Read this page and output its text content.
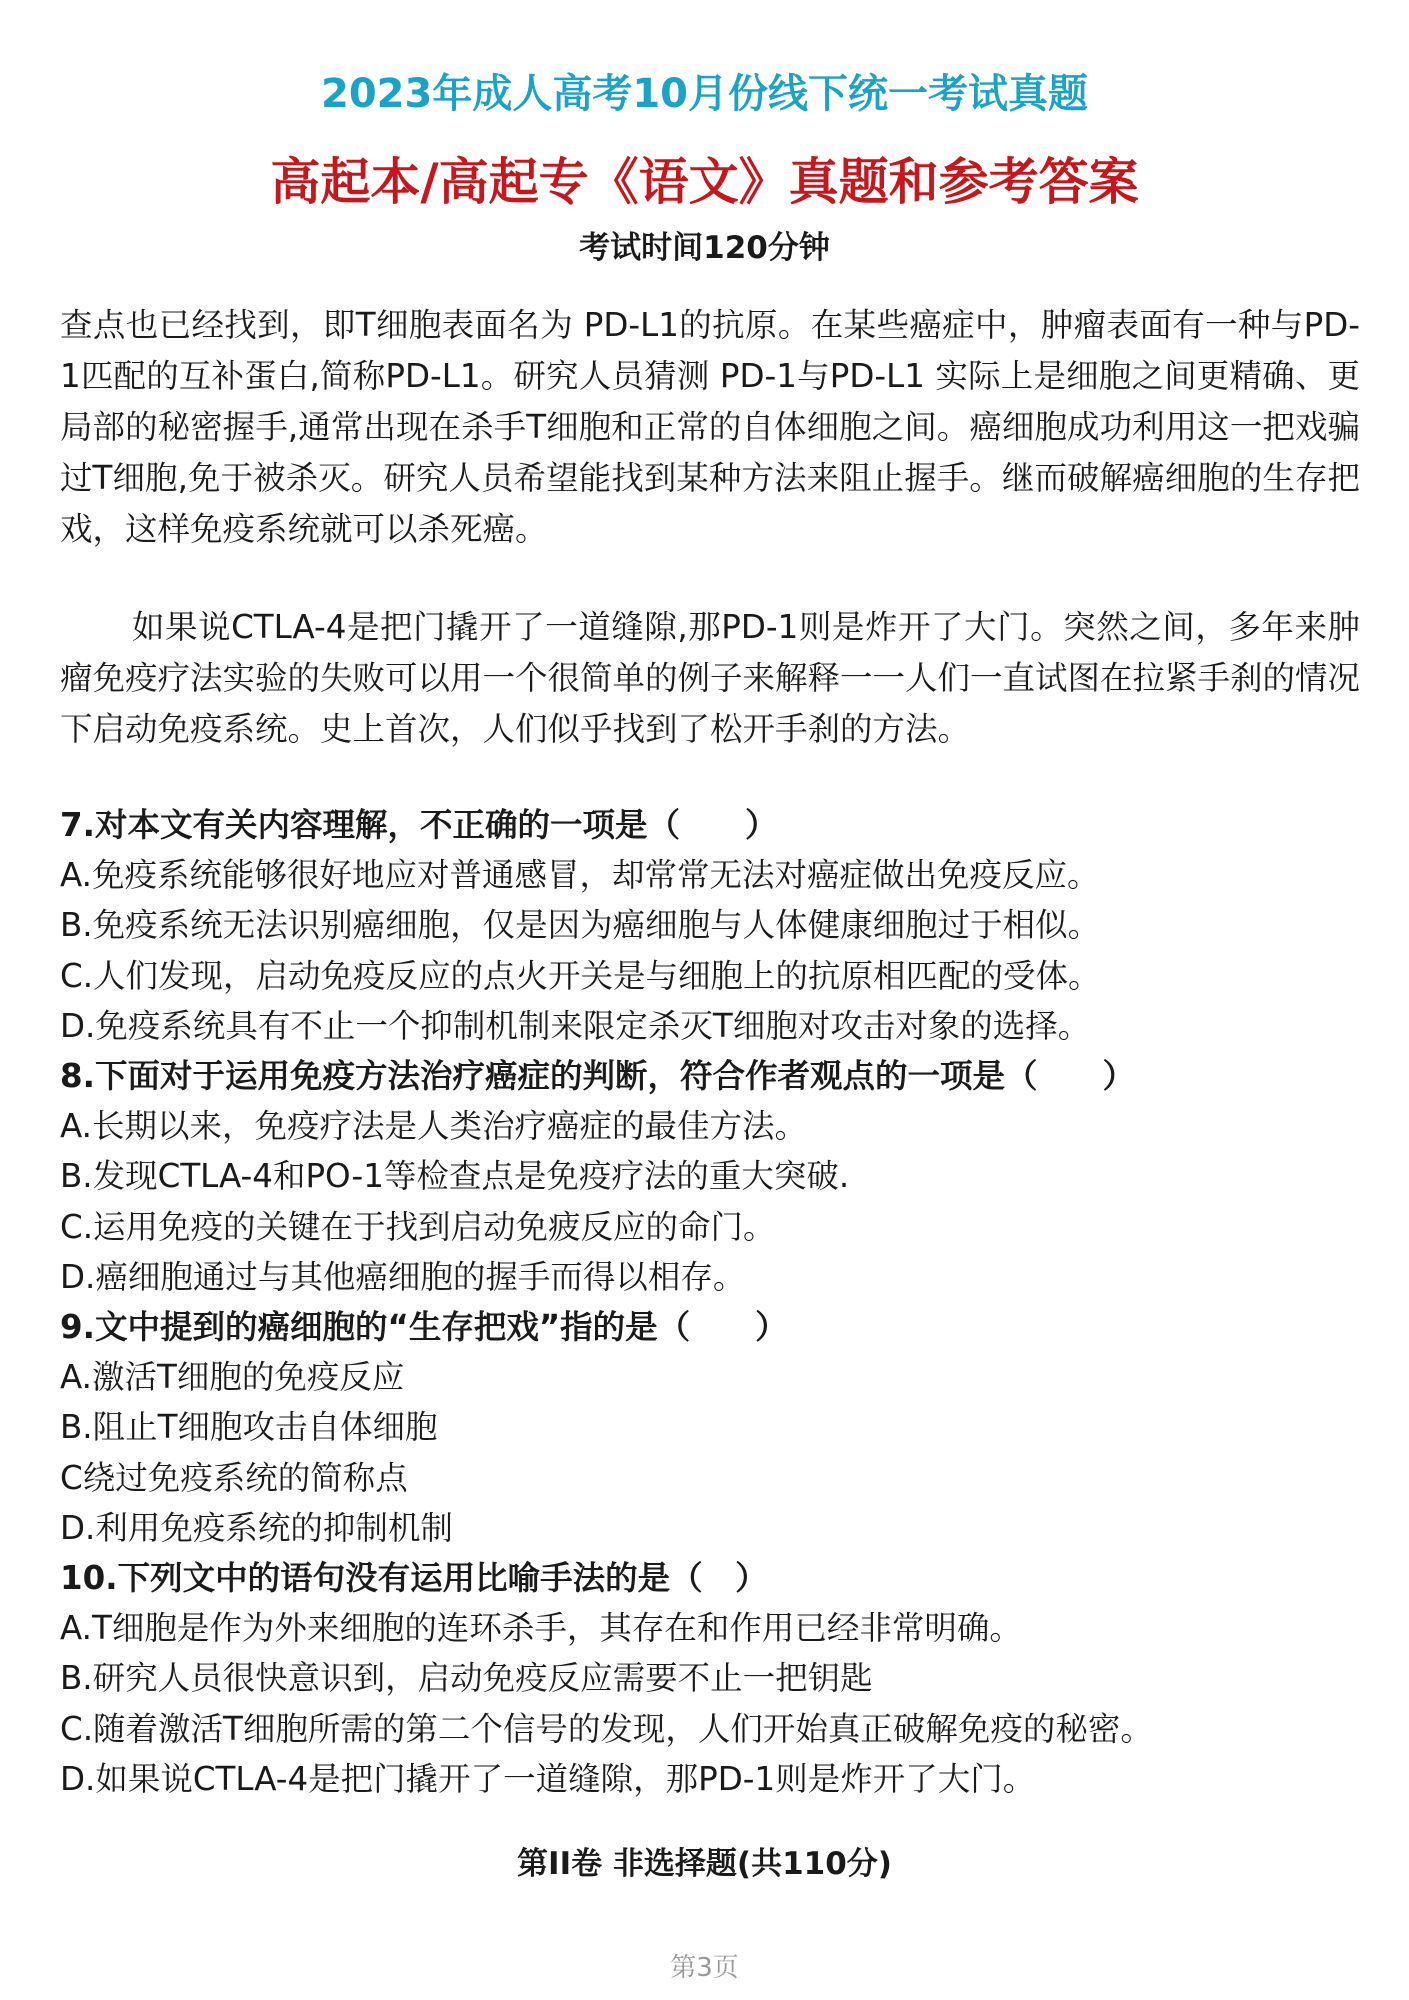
2023年成人高考10月份线下统一考试真题
高起本/高起专《语文》真题和参考答案
考试时间120分钟

查点也已经找到，即T细胞表面名为 PD-L1的抗原。在某些癌症中，肿瘤表面有一种与PD-1匹配的互补蛋白,简称PD-L1。研究人员猜测 PD-1与PD-L1 实际上是细胞之间更精确、更局部的秘密握手,通常出现在杀手T细胞和正常的自体细胞之间。癌细胞成功利用这一把戏骗过T细胞,免于被杀灭。研究人员希望能找到某种方法来阻止握手。继而破解癌细胞的生存把戏，这样免疫系统就可以杀死癌。

如果说CTLA-4是把门撬开了一道缝隙,那PD-1则是炸开了大门。突然之间，多年来肿瘤免疫疗法实验的失败可以用一个很简单的例子来解释一一人们一直试图在拉紧手刹的情况下启动免疫系统。史上首次，人们似乎找到了松开手刹的方法。

7.对本文有关内容理解，不正确的一项是（　　）
A.免疫系统能够很好地应对普通感冒，却常常无法对癌症做出免疫反应。
B.免疫系统无法识别癌细胞，仅是因为癌细胞与人体健康细胞过于相似。
C.人们发现，启动免疫反应的点火开关是与细胞上的抗原相匹配的受体。
D.免疫系统具有不止一个抑制机制来限定杀灭T细胞对攻击对象的选择。
8.下面对于运用免疫方法治疗癌症的判断，符合作者观点的一项是（　　）
A.长期以来，免疫疗法是人类治疗癌症的最佳方法。
B.发现CTLA-4和PO-1等检查点是免疫疗法的重大突破.
C.运用免疫的关键在于找到启动免疲反应的命门。
D.癌细胞通过与其他癌细胞的握手而得以相存。
9.文中提到的癌细胞的“生存把戏”指的是（　　）
A.激活T细胞的免疫反应
B.阻止T细胞攻击自体细胞
C绕过免疫系统的简称点
D.利用免疫系统的抑制机制
10.下列文中的语句没有运用比喻手法的是（　）
A.T细胞是作为外来细胞的连环杀手，其存在和作用已经非常明确。
B.研究人员很快意识到，启动免疫反应需要不止一把钥匙
C.随着激活T细胞所需的第二个信号的发现，人们开始真正破解免疫的秘密。
D.如果说CTLA-4是把门撬开了一道缝隙，那PD-1则是炸开了大门。
第II卷 非选择题(共110分)
第3页
